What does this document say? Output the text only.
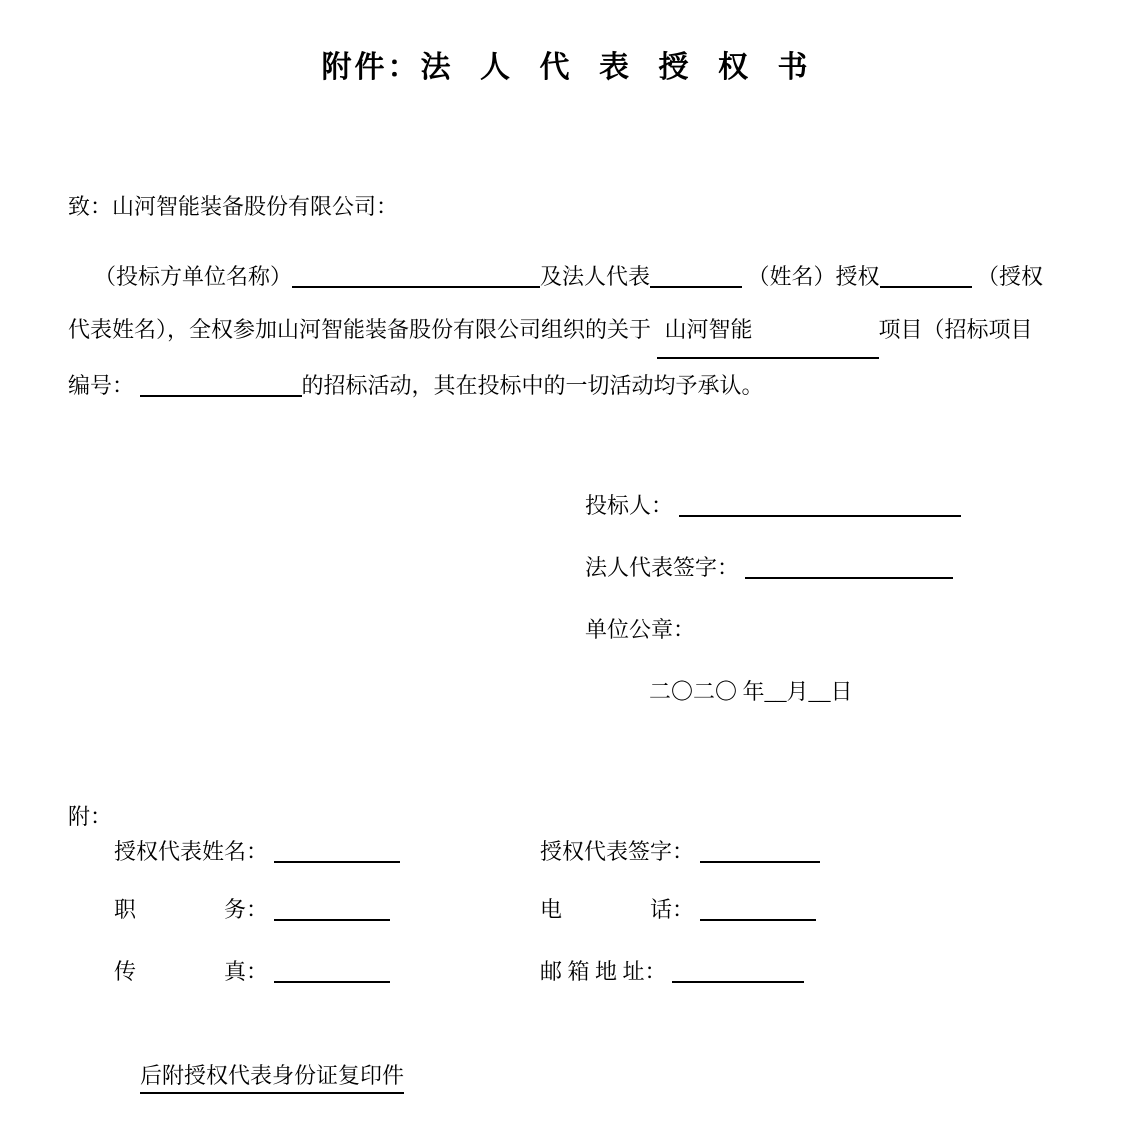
附件：法 人 代 表 授 权 书
致：山河智能装备股份有限公司：
（投标方单位名称）	及法人代表	（姓名）授权	（授权
代表姓名），全权参加山河智能装备股份有限公司组织的关于 山河智能	项目（招标项目
编号：	的招标活动，其在投标中的一切活动均予承认。
投标人：
法人代表签字：
单位公章：
二〇二〇 年__月__日
附：
授权代表姓名：	授权代表签字：
职　　　　务：	电　　　　话：
传　　　　真：	邮 箱 地 址：
后附授权代表身份证复印件
